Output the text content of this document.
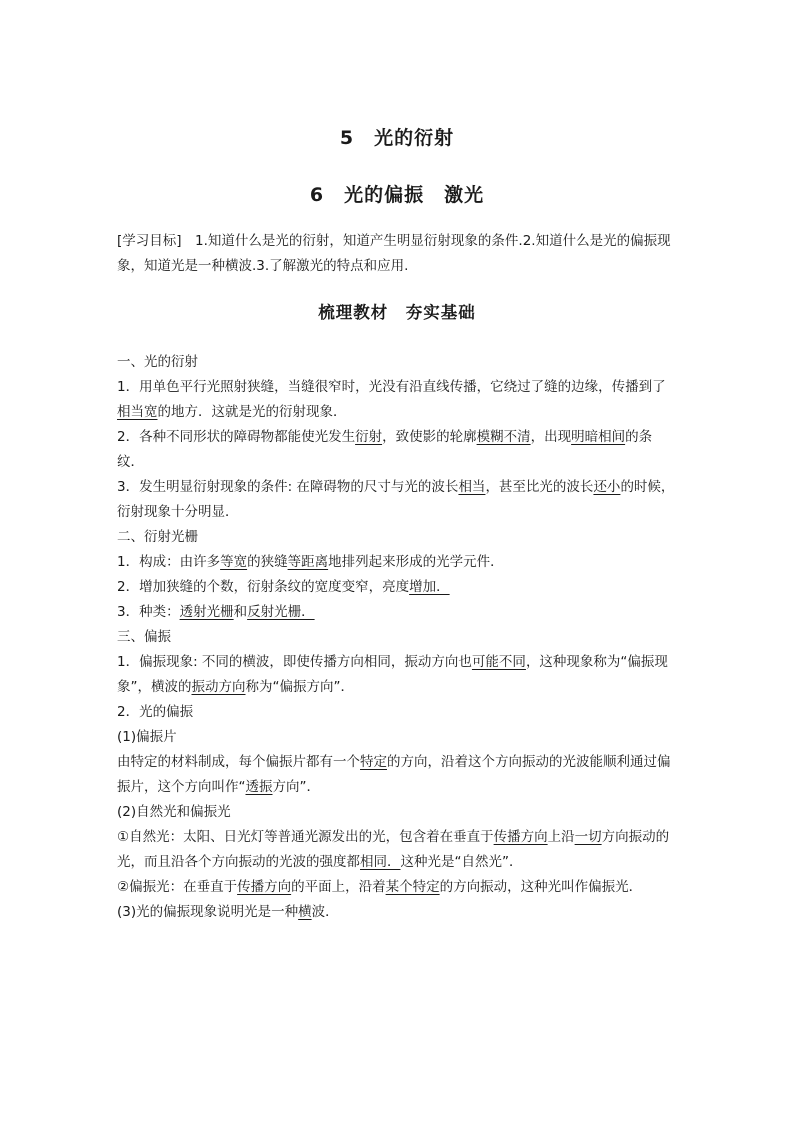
5　光的衍射
6　光的偏振　激光
[学习目标]　1.知道什么是光的衍射，知道产生明显衍射现象的条件.2.知道什么是光的偏振现象，知道光是一种横波.3.了解激光的特点和应用.
梳理教材　夯实基础

一、光的衍射

1．用单色平行光照射狭缝，当缝很窄时，光没有沿直线传播，它绕过了缝的边缘，传播到了相当宽的地方．这就是光的衍射现象．

2．各种不同形状的障碍物都能使光发生衍射，致使影的轮廓模糊不清，出现明暗相间的条纹．

3．发生明显衍射现象的条件: 在障碍物的尺寸与光的波长相当，甚至比光的波长还小的时候，衍射现象十分明显．

二、衍射光栅

1．构成：由许多等宽的狭缝等距离地排列起来形成的光学元件．

2．增加狭缝的个数，衍射条纹的宽度变窄，亮度增加．

3．种类：透射光栅和反射光栅．

三、偏振

1．偏振现象: 不同的横波，即使传播方向相同，振动方向也可能不同，这种现象称为“偏振现象”，横波的振动方向称为“偏振方向”．

2．光的偏振

(1)偏振片

由特定的材料制成，每个偏振片都有一个特定的方向，沿着这个方向振动的光波能顺利通过偏振片，这个方向叫作“透振方向”．

(2)自然光和偏振光

①自然光：太阳、日光灯等普通光源发出的光，包含着在垂直于传播方向上沿一切方向振动的光，而且沿各个方向振动的光波的强度都相同．这种光是“自然光”．

②偏振光：在垂直于传播方向的平面上，沿着某个特定的方向振动，这种光叫作偏振光．

(3)光的偏振现象说明光是一种横波．
